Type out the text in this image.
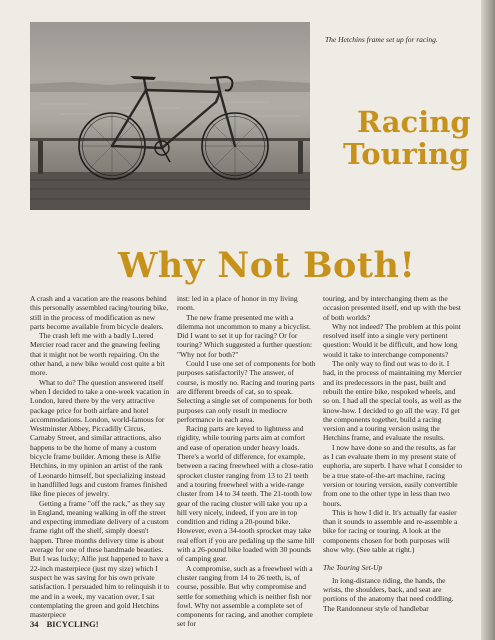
The Hetchins frame set up for racing.
Racing
Touring
Why Not Both!

A crash and a vacation are the reasons behind this personally assembled racing/touring bike, still in the process of modification as new parts become available from bicycle dealers.

The crash left me with a badly L.tered Mercier road racer and the gnawing feeling that it might not be worth repairing. On the other hand, a new bike would cost quite a bit more.

What to do? The question answered itself when I decided to take a one-week vacation in London, lured there by the very attractive package price for both airfare and hotel accommodations. London, world-famous for Westminster Abbey, Piccadilly Circus, Carnaby Street, and similar attractions, also happens to be the home of many a custom bicycle frame builder. Among these is Alfie Hetchins, in my opinion an artist of the rank of Leonardo himself, but specializing instead in handfilled lugs and custom frames finished like fine pieces of jewelry.

Getting a frame "off the rack," as they say in England, meaning walking in off the street and expecting immediate delivery of a custom frame right off the shelf, simply doesn't happen. Three months delivery time is about average for one of these handmade beauties. But I was lucky; Alfie just happened to have a 22-inch masterpiece (just my size) which I suspect he was saving for his own private satisfaction. I persuaded him to relinquish it to me and in a week, my vacation over, I sat contemplating the green and gold Hetchins masterpiece

inst: led in a place of honor in my living room.

The new frame presented me with a dilemma not uncommon to many a bicyclist. Did I want to set it up for racing? Or for touring? Which suggested a further question: "Why not for both?"

Could I use one set of components for both purposes satisfactorily? The answer, of course, is mostly no. Racing and touring parts are different breeds of cat, so to speak. Selecting a single set of components for both purposes can only result in mediocre performance in each area.

Racing parts are keyed to lightness and rigidity, while touring parts aim at comfort and ease of operation under heavy loads. There's a world of difference, for example, between a racing freewheel with a close-ratio sprocket cluster ranging from 13 to 21 teeth and a touring freewheel with a wide-range cluster from 14 to 34 teeth. The 21-tooth low gear of the racing cluster will take you up a hill very nicely, indeed, if you are in top condition and riding a 20-pound bike. However, even a 34-tooth sprocket may take real effort if you are pedaling up the same hill with a 26-pound bike loaded with 30 pounds of camping gear.

A compromise, such as a freewheel with a cluster ranging from 14 to 26 teeth, is, of course, possible. But why compromise and settle for something which is neither fish nor fowl. Why not assemble a complete set of components for racing, and another complete set for

touring, and by interchanging them as the occasion presented itself, end up with the best of both worlds?

Why not indeed? The problem at this point resolved itself into a single very pertinent question: Would it be difficult, and how long would it take to interchange components?

The only way to find out was to do it. I had, in the process of maintaining my Mercier and its predecessors in the past, built and rebuilt the entire bike, respoked wheels, and so on. I had all the special tools, as well as the know-how. I decided to go all the way. I'd get the components together, build a racing version and a touring version using the Hetchins frame, and evaluate the results.

I now have done so and the results, as far as I can evaluate them in my present state of euphoria, are superb. I have what I consider to be a true state-of-the-art machine, racing version or touring version, easily convertible from one to the other type in less than two hours.

This is how I did it. It's actually far easier than it sounds to assemble and re-assemble a bike for racing or touring. A look at the components chosen for both purposes will show why. (See table at right.)

The Touring Set-Up

In long-distance riding, the hands, the wrists, the shoulders, back, and seat are portions of the anatomy that need coddling. The Randonneur style of handlebar

34 BICYCLING!
